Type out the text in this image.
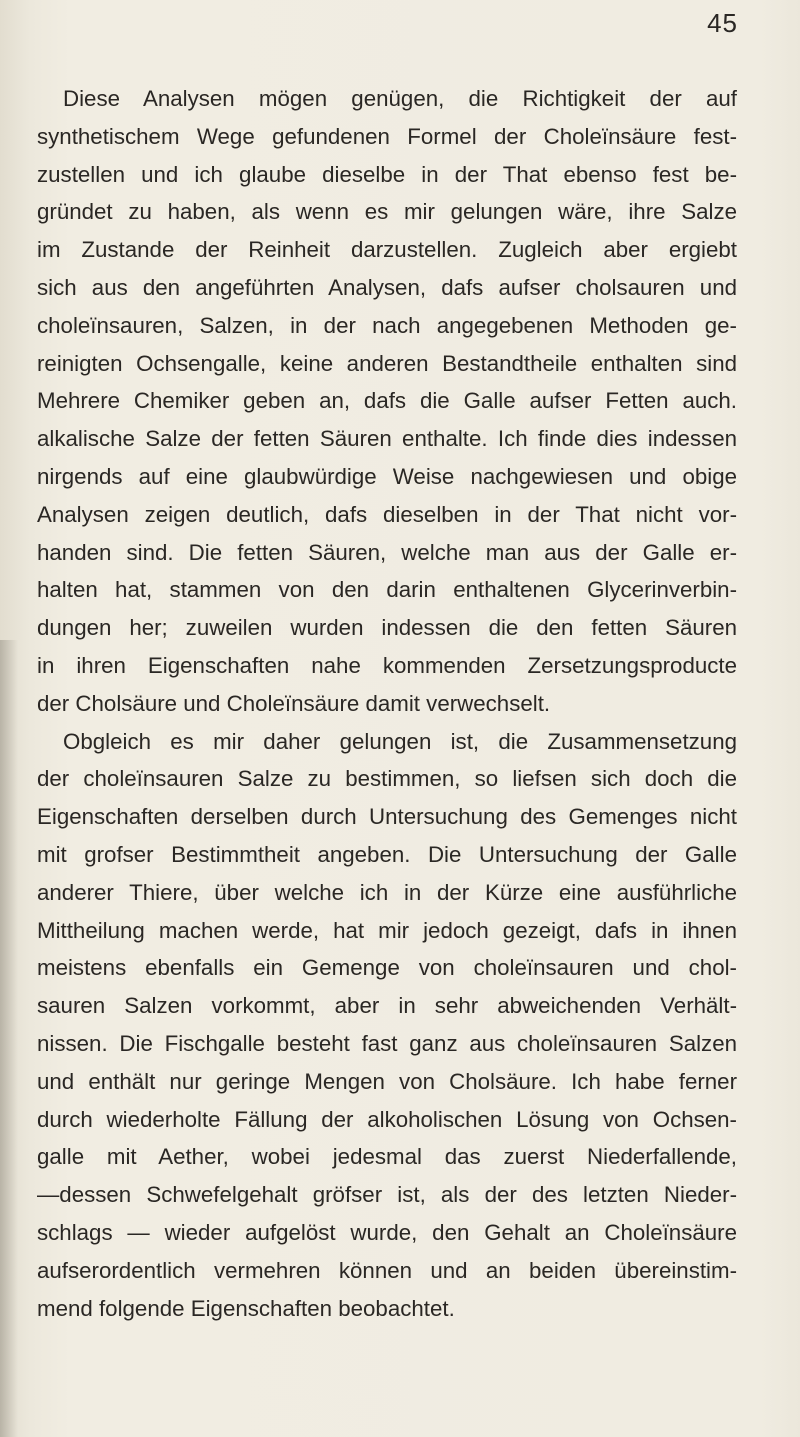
45
Diese Analysen mögen genügen, die Richtigkeit der auf
synthetischem Wege gefundenen Formel der Choleïnsäure fest-
zustellen und ich glaube dieselbe in der That ebenso fest be-
gründet zu haben, als wenn es mir gelungen wäre, ihre Salze
im Zustande der Reinheit darzustellen. Zugleich aber ergiebt
sich aus den angeführten Analysen, dafs aufser cholsauren und
choleïnsauren, Salzen, in der nach angegebenen Methoden ge-
reinigten Ochsengalle, keine anderen Bestandtheile enthalten sind
Mehrere Chemiker geben an, dafs die Galle aufser Fetten auch.
alkalische Salze der fetten Säuren enthalte. Ich finde dies indessen
nirgends auf eine glaubwürdige Weise nachgewiesen und obige
Analysen zeigen deutlich, dafs dieselben in der That nicht vor-
handen sind. Die fetten Säuren, welche man aus der Galle er-
halten hat, stammen von den darin enthaltenen Glycerinverbin-
dungen her; zuweilen wurden indessen die den fetten Säuren
in ihren Eigenschaften nahe kommenden Zersetzungsproducte
der Cholsäure und Choleïnsäure damit verwechselt.
Obgleich es mir daher gelungen ist, die Zusammensetzung
der choleïnsauren Salze zu bestimmen, so liefsen sich doch die
Eigenschaften derselben durch Untersuchung des Gemenges nicht
mit grofser Bestimmtheit angeben. Die Untersuchung der Galle
anderer Thiere, über welche ich in der Kürze eine ausführliche
Mittheilung machen werde, hat mir jedoch gezeigt, dafs in ihnen
meistens ebenfalls ein Gemenge von choleïnsauren und chol-
sauren Salzen vorkommt, aber in sehr abweichenden Verhält-
nissen. Die Fischgalle besteht fast ganz aus choleïnsauren Salzen
und enthält nur geringe Mengen von Cholsäure. Ich habe ferner
durch wiederholte Fällung der alkoholischen Lösung von Ochsen-
galle mit Aether, wobei jedesmal das zuerst Niederfallende,
—dessen Schwefelgehalt gröfser ist, als der des letzten Nieder-
schlags — wieder aufgelöst wurde, den Gehalt an Choleïnsäure
aufserordentlich vermehren können und an beiden übereinstim-
mend folgende Eigenschaften beobachtet.
